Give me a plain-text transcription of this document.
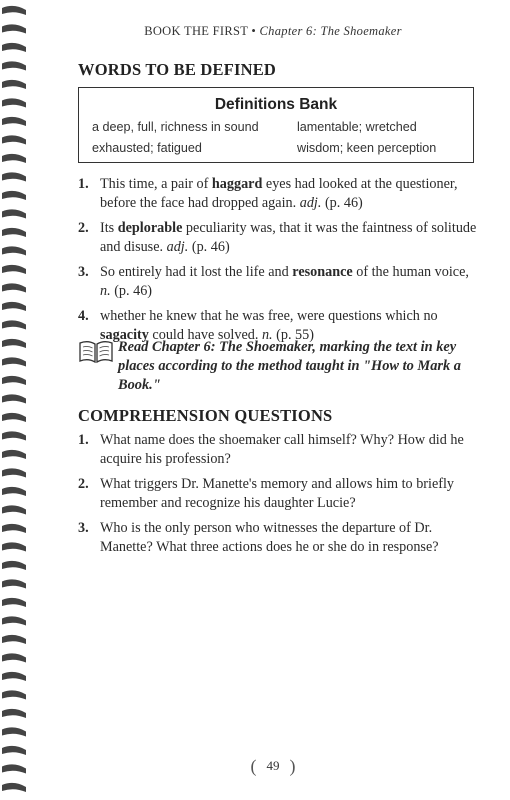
BOOK THE FIRST • Chapter 6: The Shoemaker
WORDS TO BE DEFINED
Definitions Bank
a deep, full, richness in sound	lamentable; wretched
exhausted; fatigued	wisdom; keen perception
1. This time, a pair of haggard eyes had looked at the questioner, before the face had dropped again. adj. (p. 46)
2. Its deplorable peculiarity was, that it was the faintness of solitude and disuse. adj. (p. 46)
3. So entirely had it lost the life and resonance of the human voice, n. (p. 46)
4. whether he knew that he was free, were questions which no sagacity could have solved. n. (p. 55)
Read Chapter 6: The Shoemaker, marking the text in key places according to the method taught in "How to Mark a Book."
COMPREHENSION QUESTIONS
1. What name does the shoemaker call himself? Why? How did he acquire his profession?
2. What triggers Dr. Manette's memory and allows him to briefly remember and recognize his daughter Lucie?
3. Who is the only person who witnesses the departure of Dr. Manette? What three actions does he or she do in response?
( 49 )
